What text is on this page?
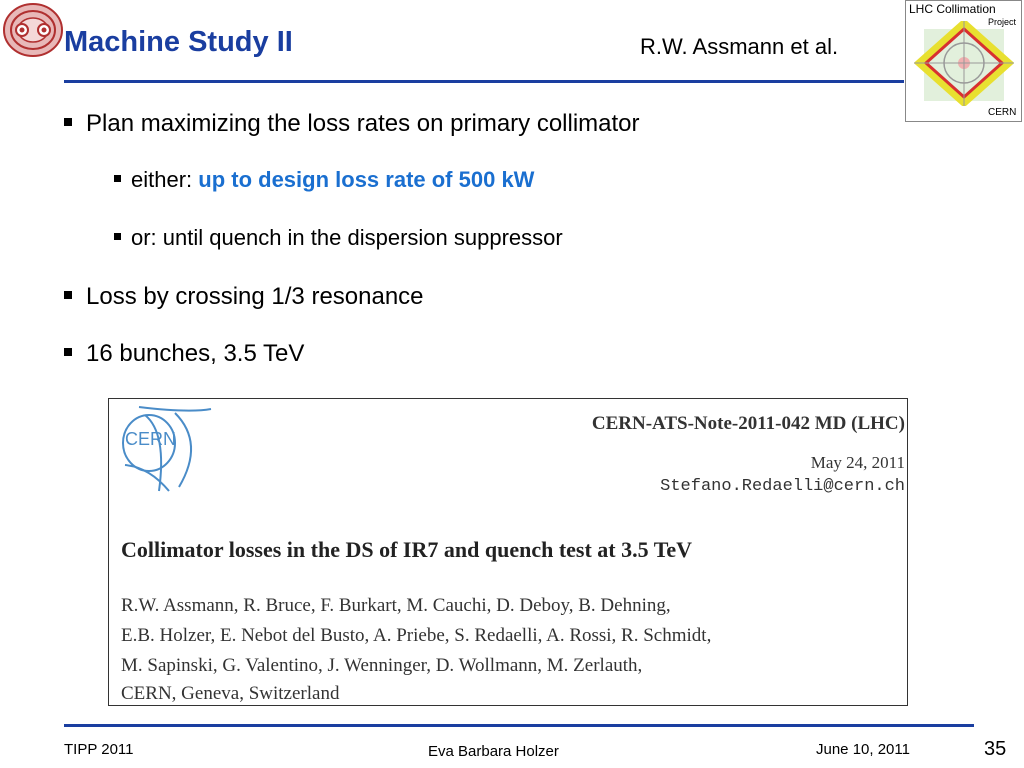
Machine Study II	R.W. Assmann et al.
LHC Collimation
Project
CERN
Plan maximizing the loss rates on primary collimator
either: up to design loss rate of 500 kW
or: until quench in the dispersion suppressor
Loss by crossing 1/3 resonance
16 bunches, 3.5 TeV
CERN
CERN-ATS-Note-2011-042 MD (LHC)
May 24, 2011
Stefano.Redaelli@cern.ch
Collimator losses in the DS of IR7 and quench test at 3.5 TeV
R.W. Assmann, R. Bruce, F. Burkart, M. Cauchi, D. Deboy, B. Dehning,
E.B. Holzer, E. Nebot del Busto, A. Priebe, S. Redaelli, A. Rossi, R. Schmidt,
M. Sapinski, G. Valentino, J. Wenninger, D. Wollmann, M. Zerlauth,
CERN, Geneva, Switzerland
TIPP 2011	Eva Barbara Holzer	June 10, 2011	35
